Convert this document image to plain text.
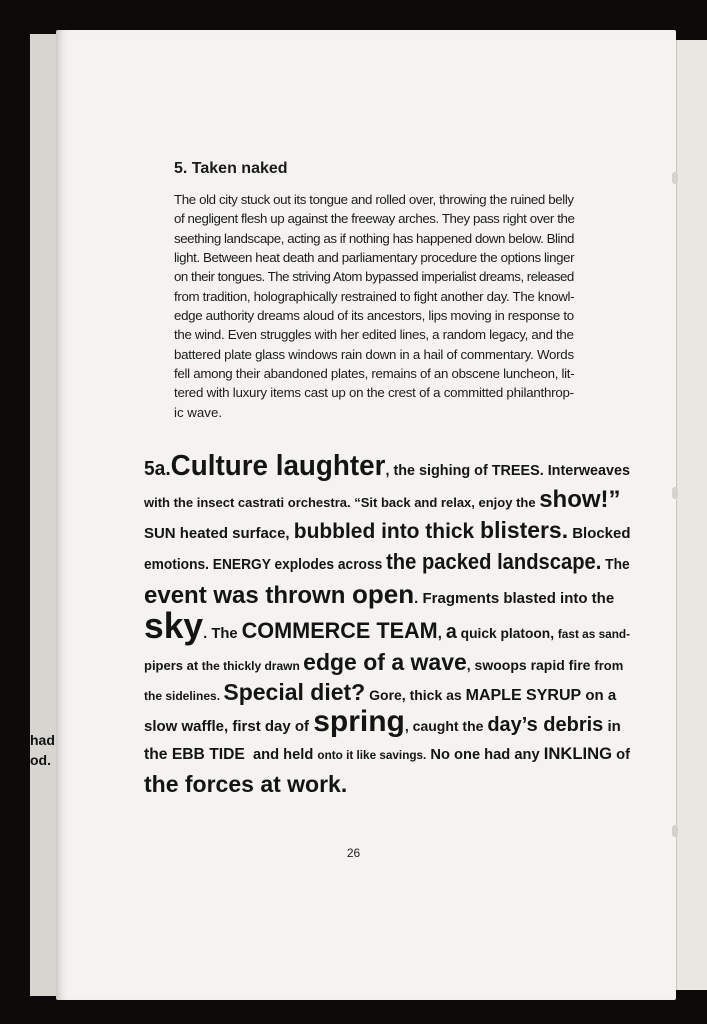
had
od.
5. Taken naked

The old city stuck out its tongue and rolled over, throwing the ruined belly
of negligent flesh up against the freeway arches. They pass right over the
seething landscape, acting as if nothing has happened down below. Blind
light. Between heat death and parliamentary procedure the options linger
on their tongues. The striving Atom bypassed imperialist dreams, released
from tradition, holographically restrained to fight another day. The knowl-
edge authority dreams aloud of its ancestors, lips moving in response to
the wind. Even struggles with her edited lines, a random legacy, and the
battered plate glass windows rain down in a hail of commentary. Words
fell among their abandoned plates, remains of an obscene luncheon, lit-
tered with luxury items cast up on the crest of a committed philanthrop-
ic wave.

5a.Culture laughter, the sighing of TREES. Interweaves
with the insect castrati orchestra. “Sit back and relax, enjoy the show!”
SUN heated surface, bubbled into thick blisters. Blocked
emotions. ENERGY explodes across the packed landscape. The
event was thrown open. Fragments blasted into the
sky. The COMMERCE TEAM, a quick platoon, fast as sand-
pipers at the thickly drawn edge of a wave, swoops rapid fire from
the sidelines. Special diet? Gore, thick as MAPLE SYRUP on a
slow waffle, first day of spring, caught the day’s debris in
the EBB TIDE  and held onto it like savings. No one had any INKLING of
the forces at work.
26
